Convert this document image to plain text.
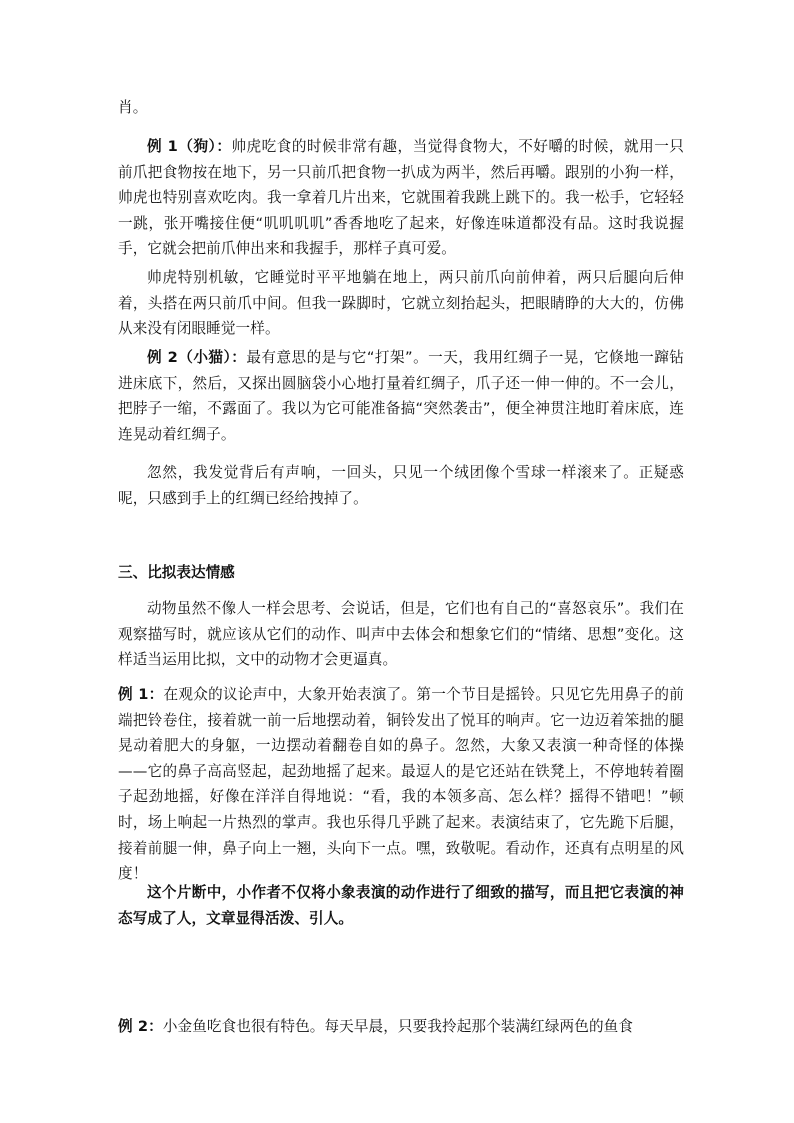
肖。

例 1（狗）：帅虎吃食的时候非常有趣，当觉得食物大，不好嚼的时候，就用一只前爪把食物按在地下，另一只前爪把食物一扒成为两半，然后再嚼。跟别的小狗一样，帅虎也特别喜欢吃肉。我一拿着几片出来，它就围着我跳上跳下的。我一松手，它轻轻一跳，张开嘴接住便“叽叽叽叽”香香地吃了起来，好像连味道都没有品。这时我说握手，它就会把前爪伸出来和我握手，那样子真可爱。

帅虎特别机敏，它睡觉时平平地躺在地上，两只前爪向前伸着，两只后腿向后伸着，头搭在两只前爪中间。但我一跺脚时，它就立刻抬起头，把眼睛睁的大大的，仿佛从来没有闭眼睡觉一样。

例 2（小猫）：最有意思的是与它“打架”。一天，我用红绸子一晃，它倏地一蹿钻进床底下，然后，又探出圆脑袋小心地打量着红绸子，爪子还一伸一伸的。不一会儿，把脖子一缩，不露面了。我以为它可能准备搞“突然袭击”，便全神贯注地盯着床底，连连晃动着红绸子。

忽然，我发觉背后有声响，一回头，只见一个绒团像个雪球一样滚来了。正疑惑呢，只感到手上的红绸已经给拽掉了。

三、比拟表达情感

动物虽然不像人一样会思考、会说话，但是，它们也有自己的“喜怒哀乐”。我们在观察描写时，就应该从它们的动作、叫声中去体会和想象它们的“情绪、思想”变化。这样适当运用比拟，文中的动物才会更逼真。

例 1：在观众的议论声中，大象开始表演了。第一个节目是摇铃。只见它先用鼻子的前端把铃卷住，接着就一前一后地摆动着，铜铃发出了悦耳的响声。它一边迈着笨拙的腿晃动着肥大的身躯，一边摆动着翻卷自如的鼻子。忽然，大象又表演一种奇怪的体操——它的鼻子高高竖起，起劲地摇了起来。最逗人的是它还站在铁凳上，不停地转着圈子起劲地摇，好像在洋洋自得地说：“看，我的本领多高、怎么样？摇得不错吧！”顿时，场上响起一片热烈的掌声。我也乐得几乎跳了起来。表演结束了，它先跪下后腿，接着前腿一伸，鼻子向上一翘，头向下一点。嘿，致敬呢。看动作，还真有点明星的风度！

这个片断中，小作者不仅将小象表演的动作进行了细致的描写，而且把它表演的神态写成了人，文章显得活泼、引人。

例 2：小金鱼吃食也很有特色。每天早晨，只要我拎起那个装满红绿两色的鱼食
